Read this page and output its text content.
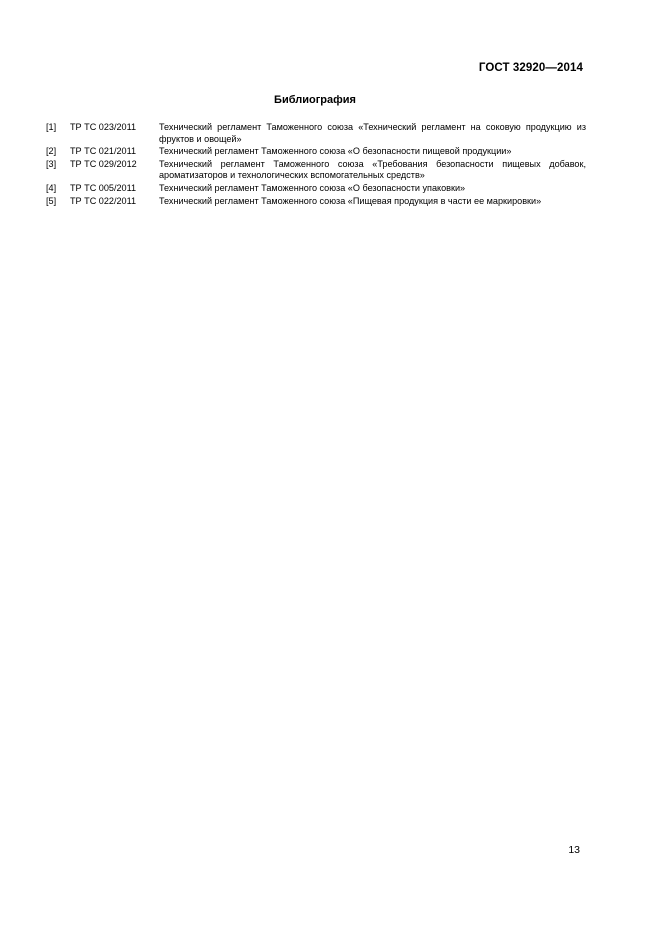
ГОСТ 32920—2014
Библиография
[1]	ТР ТС 023/2011	Технический регламент Таможенного союза «Технический регламент на соковую продукцию из фруктов и овощей»
[2]	ТР ТС 021/2011	Технический регламент Таможенного союза «О безопасности пищевой продукции»
[3]	ТР ТС 029/2012	Технический регламент Таможенного союза «Требования безопасности пищевых добавок, ароматизаторов и технологических вспомогательных средств»
[4]	ТР ТС 005/2011	Технический регламент Таможенного союза «О безопасности упаковки»
[5]	ТР ТС 022/2011	Технический регламент Таможенного союза «Пищевая продукция в части ее маркировки»
13
